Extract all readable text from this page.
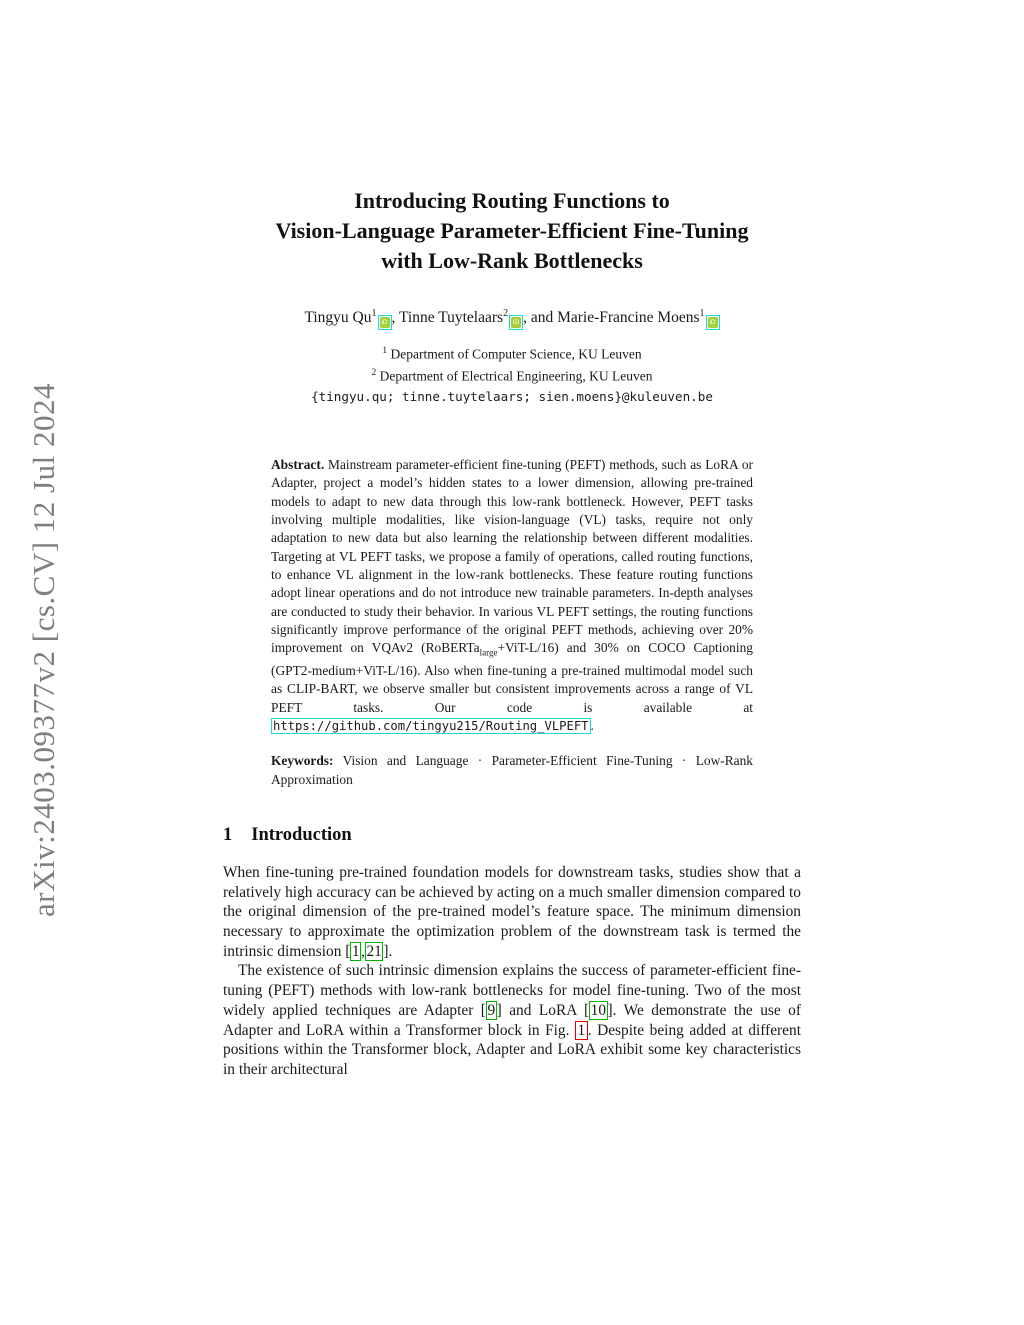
arXiv:2403.09377v2 [cs.CV] 12 Jul 2024
Introducing Routing Functions to
Vision-Language Parameter-Efficient Fine-Tuning
with Low-Rank Bottlenecks
Tingyu Qu$^1$iD , Tinne Tuytelaars$^2$iD , and Marie-Francine Moens$^1$iD
$^1$ Department of Computer Science, KU Leuven
$^2$ Department of Electrical Engineering, KU Leuven
{tingyu.qu; tinne.tuytelaars; sien.moens}@kuleuven.be

Abstract. Mainstream parameter-efficient fine-tuning (PEFT) methods, such as LoRA or Adapter, project a model’s hidden states to a lower dimension, allowing pre-trained models to adapt to new data through this low-rank bottleneck. However, PEFT tasks involving multiple modalities, like vision-language (VL) tasks, require not only adaptation to new data but also learning the relationship between different modalities. Targeting at VL PEFT tasks, we propose a family of operations, called routing functions, to enhance VL alignment in the low-rank bottlenecks. These feature routing functions adopt linear operations and do not introduce new trainable parameters. In-depth analyses are conducted to study their behavior. In various VL PEFT settings, the routing functions significantly improve performance of the original PEFT methods, achieving over 20% improvement on VQAv2 (RoBERTa$_{large}$+ViT-L/16) and 30% on COCO Captioning (GPT2-medium+ViT-L/16). Also when fine-tuning a pre-trained multimodal model such as CLIP-BART, we observe smaller but consistent improvements across a range of VL PEFT tasks. Our code is available at https://github.com/tingyu215/Routing_VLPEFT .

Keywords: Vision and Language · Parameter-Efficient Fine-Tuning · Low-Rank Approximation

1 Introduction

When fine-tuning pre-trained foundation models for downstream tasks, studies show that a relatively high accuracy can be achieved by acting on a much smaller dimension compared to the original dimension of the pre-trained model’s feature space. The minimum dimension necessary to approximate the optimization problem of the downstream task is termed the intrinsic dimension [1,21].

The existence of such intrinsic dimension explains the success of parameter-efficient fine-tuning (PEFT) methods with low-rank bottlenecks for model fine-tuning. Two of the most widely applied techniques are Adapter [9] and LoRA [10]. We demonstrate the use of Adapter and LoRA within a Transformer block in Fig. 1 . Despite being added at different positions within the Transformer block, Adapter and LoRA exhibit some key characteristics in their architectural
